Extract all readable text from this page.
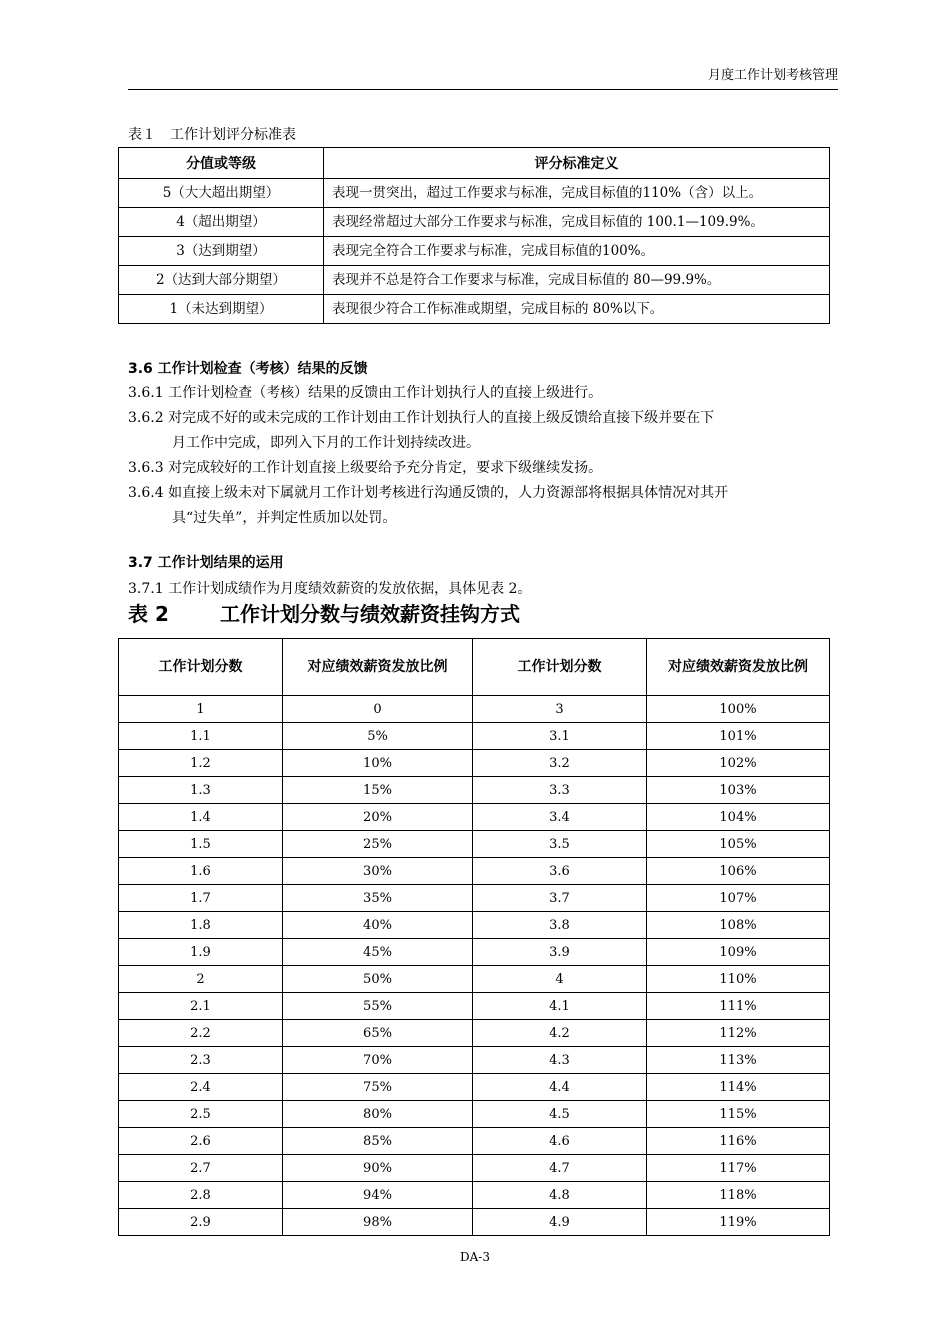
月度工作计划考核管理
表１　工作计划评分标准表
分值或等级	评分标准定义
5（大大超出期望）	表现一贯突出，超过工作要求与标准，完成目标值的110%（含）以上。
4（超出期望）	表现经常超过大部分工作要求与标准，完成目标值的 100.1—109.9%。
3（达到期望）	表现完全符合工作要求与标准，完成目标值的100%。
2（达到大部分期望）	表现并不总是符合工作要求与标准，完成目标值的 80—99.9%。
1（未达到期望）	表现很少符合工作标准或期望，完成目标的 80%以下。
3.6 工作计划检查（考核）结果的反馈
3.6.1 工作计划检查（考核）结果的反馈由工作计划执行人的直接上级进行。
3.6.2 对完成不好的或未完成的工作计划由工作计划执行人的直接上级反馈给直接下级并要在下
月工作中完成，即列入下月的工作计划持续改进。
3.6.3 对完成较好的工作计划直接上级要给予充分肯定，要求下级继续发扬。
3.6.4 如直接上级未对下属就月工作计划考核进行沟通反馈的，人力资源部将根据具体情况对其开
具“过失单”，并判定性质加以处罚。
3.7 工作计划结果的运用
3.7.1 工作计划成绩作为月度绩效薪资的发放依据，具体见表 2。
表 2	工作计划分数与绩效薪资挂钩方式
工作计划分数	对应绩效薪资发放比例	工作计划分数	对应绩效薪资发放比例
1	0	3	100%
1.1	5%	3.1	101%
1.2	10%	3.2	102%
1.3	15%	3.3	103%
1.4	20%	3.4	104%
1.5	25%	3.5	105%
1.6	30%	3.6	106%
1.7	35%	3.7	107%
1.8	40%	3.8	108%
1.9	45%	3.9	109%
2	50%	4	110%
2.1	55%	4.1	111%
2.2	65%	4.2	112%
2.3	70%	4.3	113%
2.4	75%	4.4	114%
2.5	80%	4.5	115%
2.6	85%	4.6	116%
2.7	90%	4.7	117%
2.8	94%	4.8	118%
2.9	98%	4.9	119%
DA-3
